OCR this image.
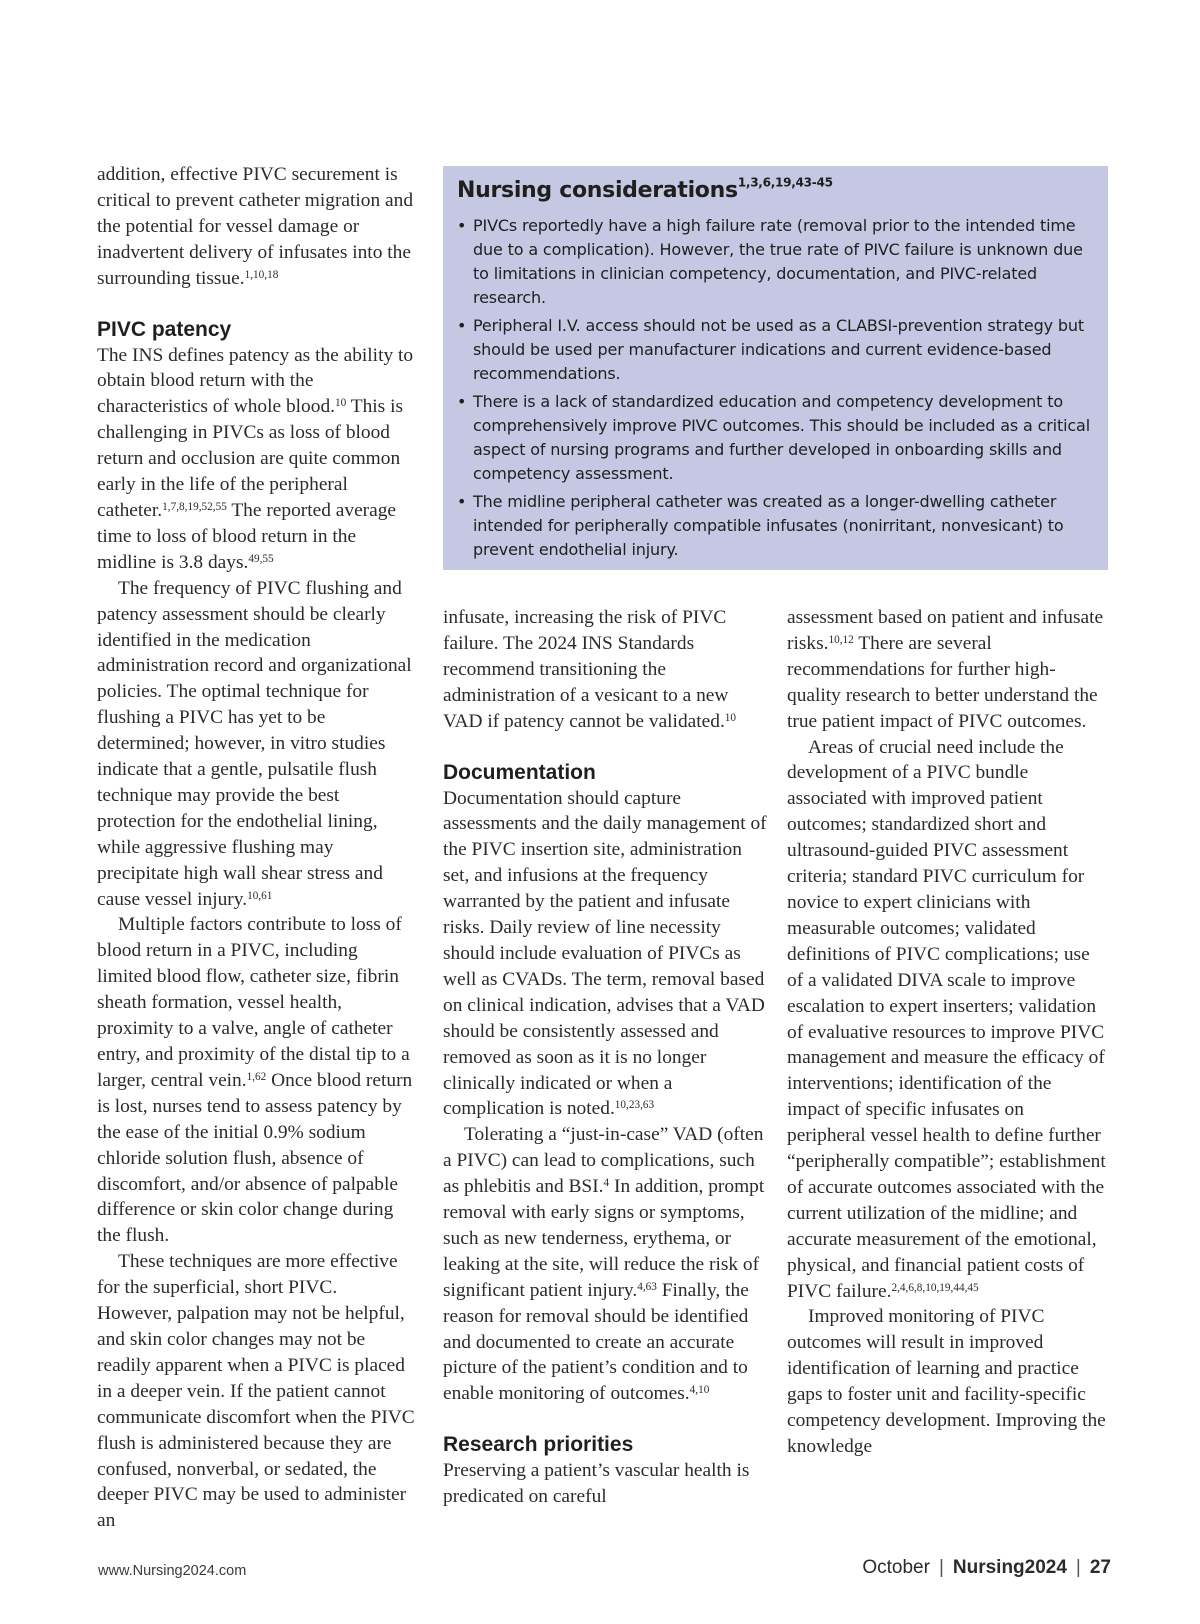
Nursing considerations$^{1,3,6,19,43-45}$
• PIVCs reportedly have a high failure rate (removal prior to the intended time due to a complication). However, the true rate of PIVC failure is unknown due to limitations in clinician competency, documentation, and PIVC-related research.
• Peripheral I.V. access should not be used as a CLABSI-prevention strategy but should be used per manufacturer indications and current evidence-based recommendations.
• There is a lack of standardized education and competency development to comprehensively improve PIVC outcomes. This should be included as a critical aspect of nursing programs and further developed in onboarding skills and competency assessment.
• The midline peripheral catheter was created as a longer-dwelling catheter intended for peripherally compatible infusates (nonirritant, nonvesicant) to prevent endothelial injury.

addition, effective PIVC securement is critical to prevent catheter migration and the potential for vessel damage or inadvertent delivery of infusates into the surrounding tissue.$^{1,10,18}$

PIVC patency

The INS defines patency as the ability to obtain blood return with the characteristics of whole blood.$^{10}$ This is challenging in PIVCs as loss of blood return and occlusion are quite common early in the life of the peripheral catheter.$^{1,7,8,19,52,55}$ The reported average time to loss of blood return in the midline is 3.8 days.$^{49,55}$

The frequency of PIVC flushing and patency assessment should be clearly identified in the medication administration record and organizational policies. The optimal technique for flushing a PIVC has yet to be determined; however, in vitro studies indicate that a gentle, pulsatile flush technique may provide the best protection for the endothelial lining, while aggressive flushing may precipitate high wall shear stress and cause vessel injury.$^{10,61}$

Multiple factors contribute to loss of blood return in a PIVC, including limited blood flow, catheter size, fibrin sheath formation, vessel health, proximity to a valve, angle of catheter entry, and proximity of the distal tip to a larger, central vein.$^{1,62}$ Once blood return is lost, nurses tend to assess patency by the ease of the initial 0.9% sodium chloride solution flush, absence of discomfort, and/or absence of palpable difference or skin color change during the flush.

These techniques are more effective for the superficial, short PIVC. However, palpation may not be helpful, and skin color changes may not be readily apparent when a PIVC is placed in a deeper vein. If the patient cannot communicate discomfort when the PIVC flush is administered because they are confused, nonverbal, or sedated, the deeper PIVC may be used to administer an

infusate, increasing the risk of PIVC failure. The 2024 INS Standards recommend transitioning the administration of a vesicant to a new VAD if patency cannot be validated.$^{10}$

Documentation

Documentation should capture assessments and the daily management of the PIVC insertion site, administration set, and infusions at the frequency warranted by the patient and infusate risks. Daily review of line necessity should include evaluation of PIVCs as well as CVADs. The term, removal based on clinical indication, advises that a VAD should be consistently assessed and removed as soon as it is no longer clinically indicated or when a complication is noted.$^{10,23,63}$

Tolerating a “just-in-case” VAD (often a PIVC) can lead to complications, such as phlebitis and BSI.$^4$ In addition, prompt removal with early signs or symptoms, such as new tenderness, erythema, or leaking at the site, will reduce the risk of significant patient injury.$^{4,63}$ Finally, the reason for removal should be identified and documented to create an accurate picture of the patient’s condition and to enable monitoring of outcomes.$^{4,10}$

Research priorities

Preserving a patient’s vascular health is predicated on careful

assessment based on patient and infusate risks.$^{10,12}$ There are several recommendations for further high-quality research to better understand the true patient impact of PIVC outcomes.

Areas of crucial need include the development of a PIVC bundle associated with improved patient outcomes; standardized short and ultrasound-guided PIVC assessment criteria; standard PIVC curriculum for novice to expert clinicians with measurable outcomes; validated definitions of PIVC complications; use of a validated DIVA scale to improve escalation to expert inserters; validation of evaluative resources to improve PIVC management and measure the efficacy of interventions; identification of the impact of specific infusates on peripheral vessel health to define further “peripherally compatible”; establishment of accurate outcomes associated with the current utilization of the midline; and accurate measurement of the emotional, physical, and financial patient costs of PIVC failure.$^{2,4,6,8,10,19,44,45}$

Improved monitoring of PIVC outcomes will result in improved identification of learning and practice gaps to foster unit and facility-specific competency development. Improving the knowledge

www.Nursing2024.com	October | Nursing2024 | 27
